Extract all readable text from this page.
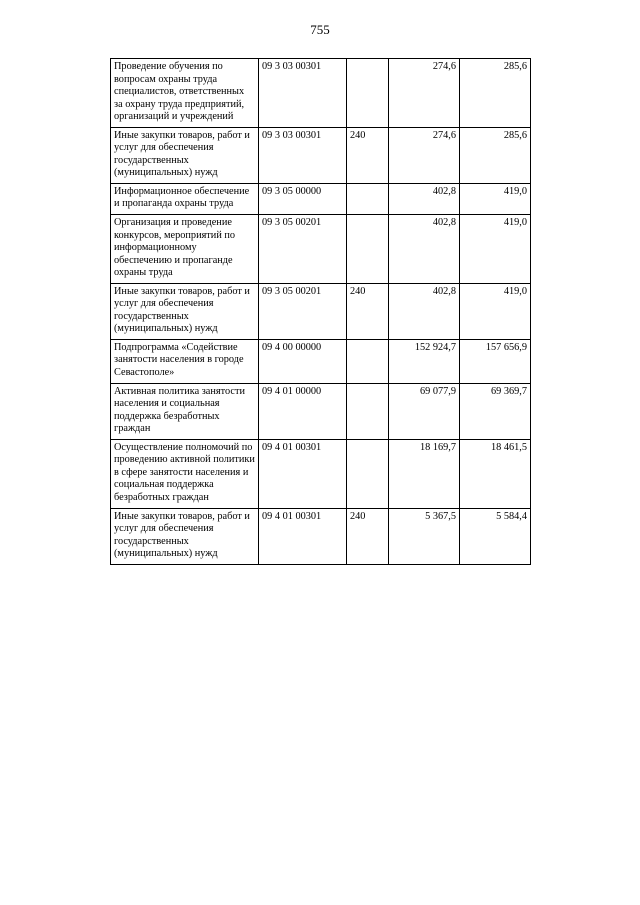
755
Проведение обучения по вопросам охраны труда специалистов, ответственных за охрану труда предприятий, организаций и учреждений	09 3 03 00301		274,6	285,6
Иные закупки товаров, работ и услуг для обеспечения государственных (муниципальных) нужд	09 3 03 00301	240	274,6	285,6
Информационное обеспечение и пропаганда охраны труда	09 3 05 00000		402,8	419,0
Организация и проведение конкурсов, мероприятий по информационному обеспечению и пропаганде охраны труда	09 3 05 00201		402,8	419,0
Иные закупки товаров, работ и услуг для обеспечения государственных (муниципальных) нужд	09 3 05 00201	240	402,8	419,0
Подпрограмма «Содействие занятости населения в городе Севастополе»	09 4 00 00000		152 924,7	157 656,9
Активная политика занятости населения и социальная поддержка безработных граждан	09 4 01 00000		69 077,9	69 369,7
Осуществление полномочий по проведению активной политики в сфере занятости населения и социальная поддержка безработных граждан	09 4 01 00301		18 169,7	18 461,5
Иные закупки товаров, работ и услуг для обеспечения государственных (муниципальных) нужд	09 4 01 00301	240	5 367,5	5 584,4
